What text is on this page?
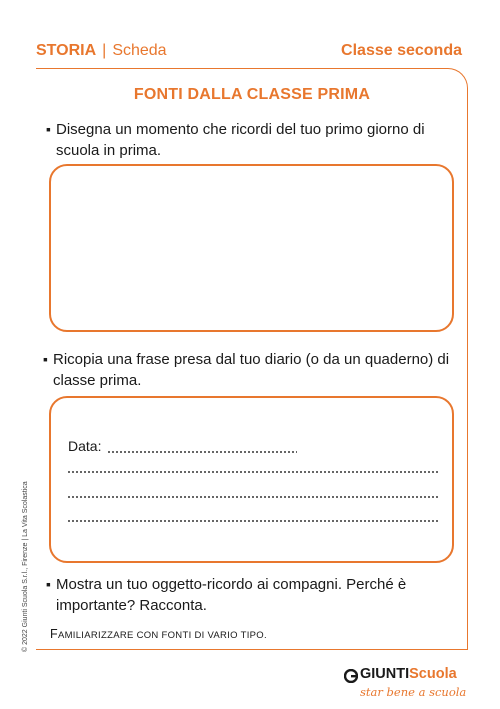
STORIA | Scheda	Classe seconda
FONTI DALLA CLASSE PRIMA
▪ Disegna un momento che ricordi del tuo primo giorno di scuola in prima.
▪ Ricopia una frase presa dal tuo diario (o da un quaderno) di classe prima.
Data:
▪ Mostra un tuo oggetto-ricordo ai compagni. Perché è importante? Racconta.
FAMILIARIZZARE CON FONTI DI VARIO TIPO.
© 2022 Giunti Scuola S.r.l., Firenze | La Vita Scolastica
GIUNTIScuola
star bene a scuola
